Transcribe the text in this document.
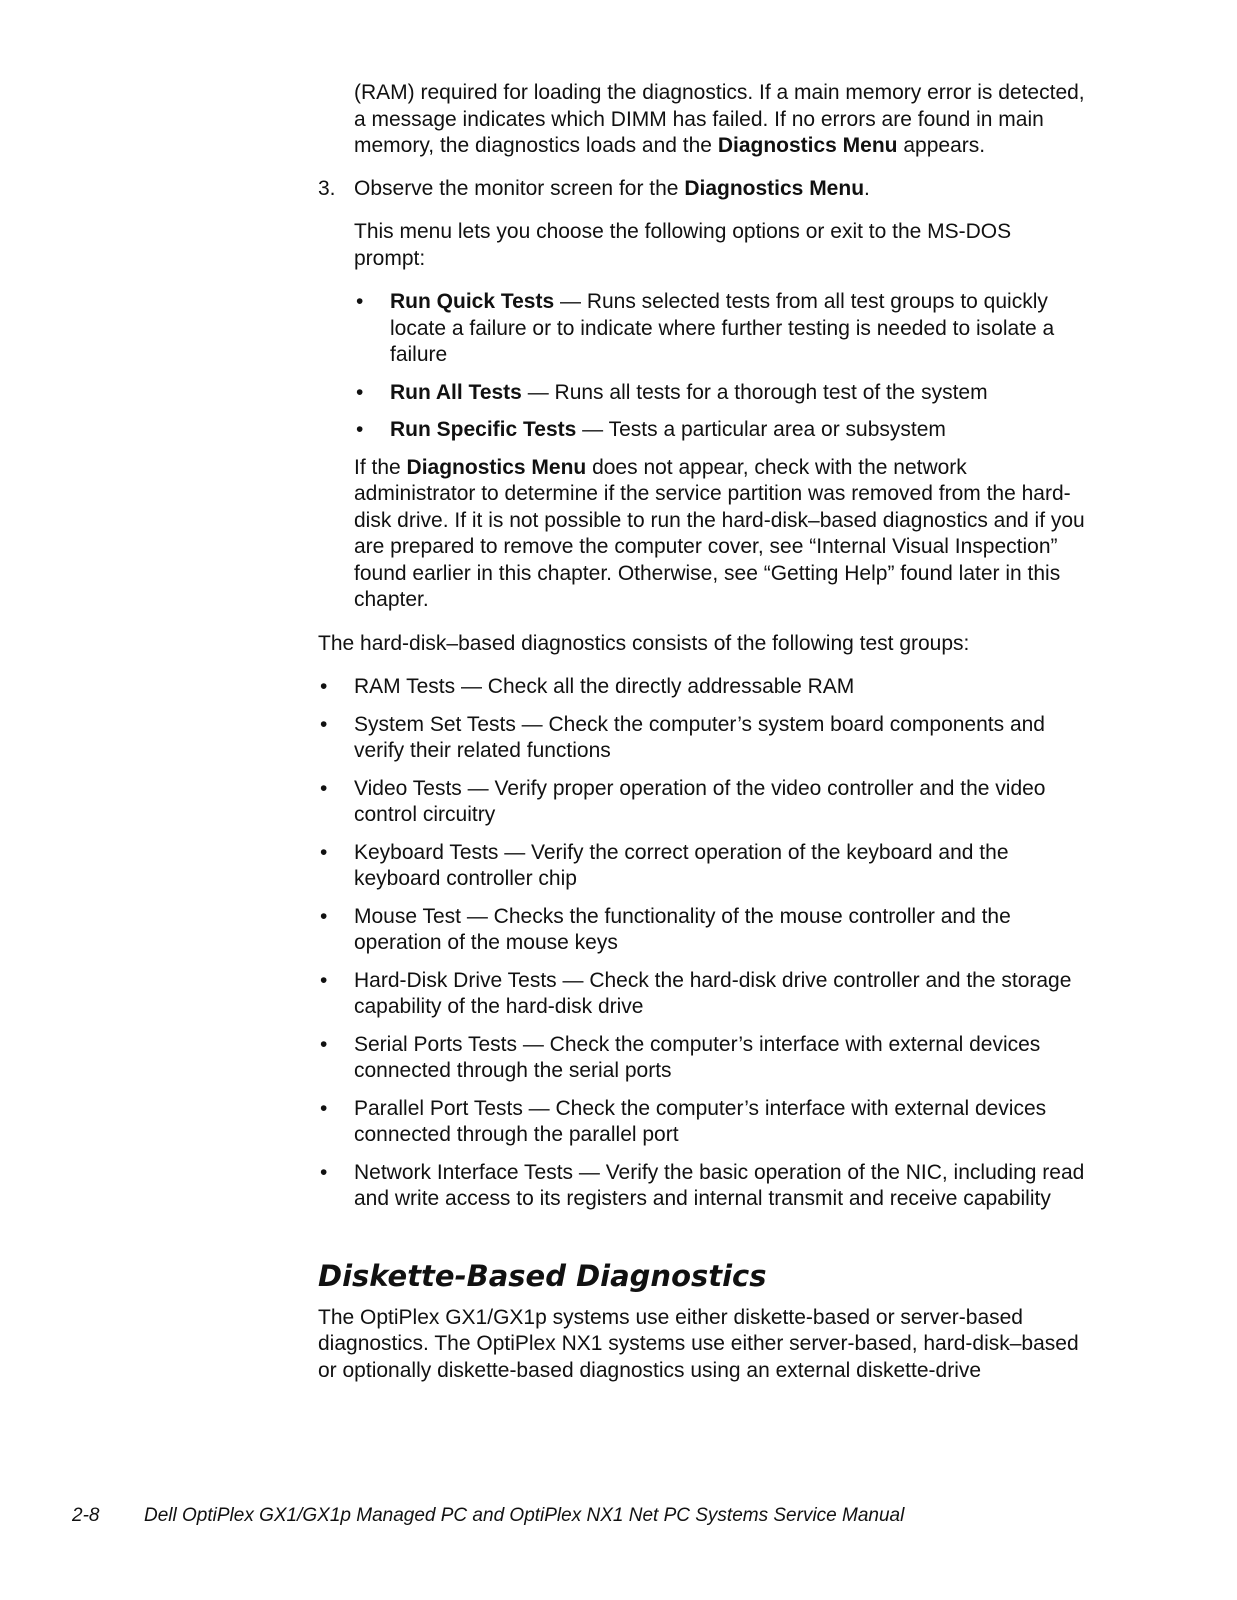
(RAM) required for loading the diagnostics. If a main memory error is detected, a message indicates which DIMM has failed. If no errors are found in main memory, the diagnostics loads and the Diagnostics Menu appears.

3. Observe the monitor screen for the Diagnostics Menu.

This menu lets you choose the following options or exit to the MS-DOS prompt:

•	Run Quick Tests — Runs selected tests from all test groups to quickly locate a failure or to indicate where further testing is needed to isolate a failure
•	Run All Tests — Runs all tests for a thorough test of the system
•	Run Specific Tests — Tests a particular area or subsystem

If the Diagnostics Menu does not appear, check with the network administrator to determine if the service partition was removed from the hard-disk drive. If it is not possible to run the hard-disk–based diagnostics and if you are prepared to remove the computer cover, see “Internal Visual Inspection” found earlier in this chapter. Otherwise, see “Getting Help” found later in this chapter.

The hard-disk–based diagnostics consists of the following test groups:

•	RAM Tests — Check all the directly addressable RAM
•	System Set Tests — Check the computer’s system board components and verify their related functions
•	Video Tests — Verify proper operation of the video controller and the video control circuitry
•	Keyboard Tests — Verify the correct operation of the keyboard and the keyboard controller chip
•	Mouse Test — Checks the functionality of the mouse controller and the operation of the mouse keys
•	Hard-Disk Drive Tests — Check the hard-disk drive controller and the storage capability of the hard-disk drive
•	Serial Ports Tests — Check the computer’s interface with external devices connected through the serial ports
•	Parallel Port Tests — Check the computer’s interface with external devices connected through the parallel port
•	Network Interface Tests — Verify the basic operation of the NIC, including read and write access to its registers and internal transmit and receive capability
Diskette-Based Diagnostics

The OptiPlex GX1/GX1p systems use either diskette-based or server-based diagnostics. The OptiPlex NX1 systems use either server-based, hard-disk–based or optionally diskette-based diagnostics using an external diskette-drive

2-8 Dell OptiPlex GX1/GX1p Managed PC and OptiPlex NX1 Net PC Systems Service Manual
